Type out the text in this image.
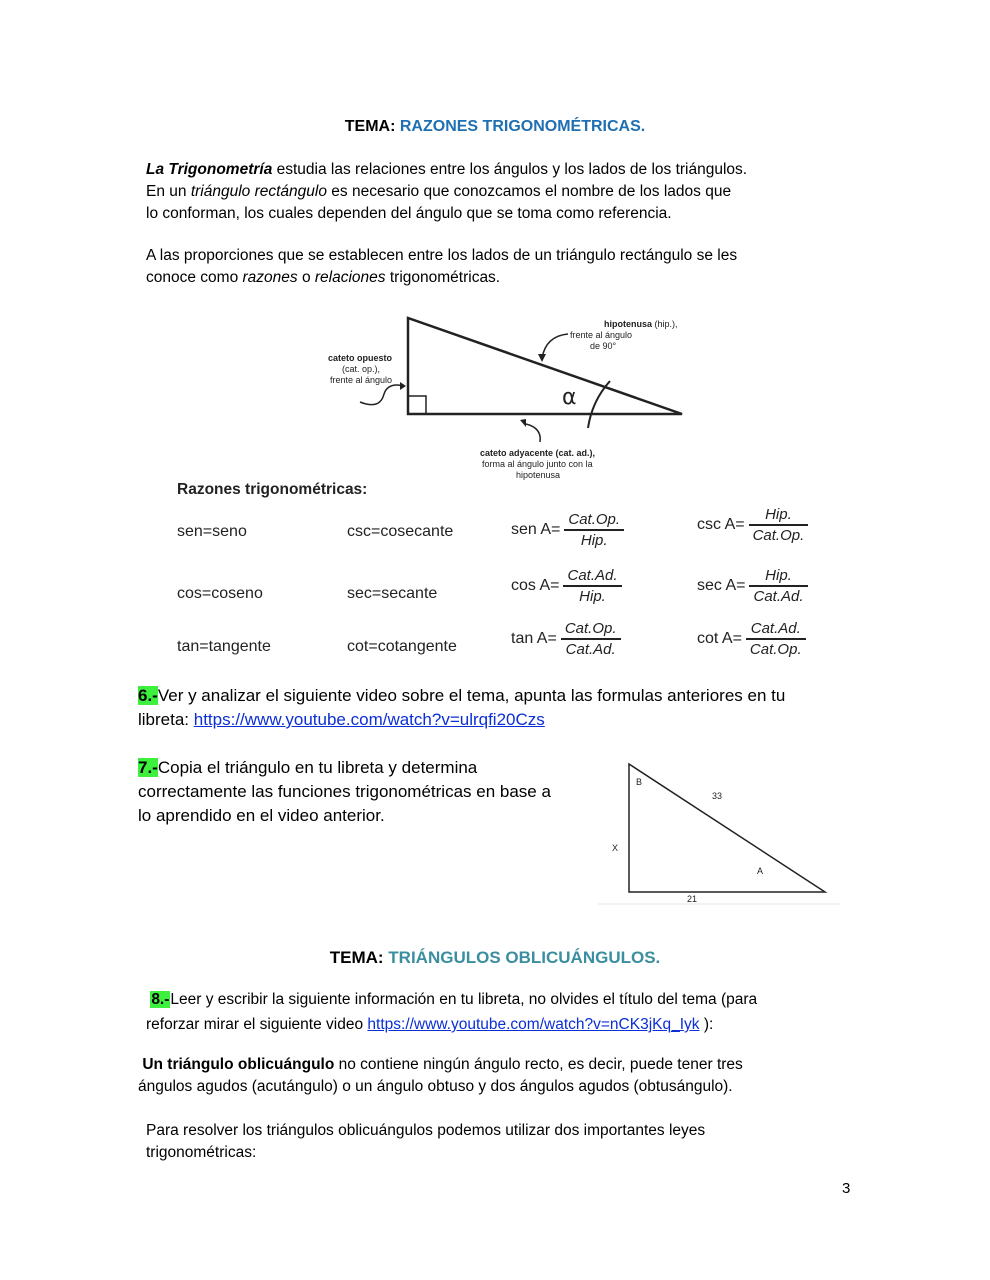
TEMA: RAZONES TRIGONOMÉTRICAS.

La Trigonometría estudia las relaciones entre los ángulos y los lados de los triángulos.

En un triángulo rectángulo es necesario que conozcamos el nombre de los lados que

lo conforman, los cuales dependen del ángulo que se toma como referencia.

A las proporciones que se establecen entre los lados de un triángulo rectángulo se les

conoce como razones o relaciones trigonométricas.

α
hipotenusa (hip.),
frente al ángulo
de 90°
cateto opuesto
(cat. op.),
frente al ángulo
cateto adyacente (cat. ad.),
forma al ángulo junto con la
hipotenusa
Razones trigonométricas:
sen=seno	csc=cosecante	sen $A= \frac{\text{Cat.Op.}}{\text{Hip.}}$	$\csc A= \frac{\text{Hip.}}{\text{Cat.Op.}}$
cos=coseno	sec=secante	$\cos A= \frac{\text{Cat.Ad.}}{\text{Hip.}}$	$\sec A= \frac{\text{Hip.}}{\text{Cat.Ad.}}$
tan=tangente	cot=cotangente	$\tan A= \frac{\text{Cat.Op.}}{\text{Cat.Ad.}}$	$\cot A= \frac{\text{Cat.Ad.}}{\text{Cat.Op.}}$
6.-Ver y analizar el siguiente video sobre el tema, apunta las formulas anteriores en tu
libreta: https://www.youtube.com/watch?v=ulrqfi20Czs
7.-Copia el triángulo en tu libreta y determina
correctamente las funciones trigonométricas en base a
lo aprendido en el video anterior.
B
33
X
A
21
TEMA: TRIÁNGULOS OBLICUÁNGULOS.

8.-Leer y escribir la siguiente información en tu libreta, no olvides el título del tema (para

reforzar mirar el siguiente video https://www.youtube.com/watch?v=nCK3jKq_Iyk ):

Un triángulo oblicuángulo no contiene ningún ángulo recto, es decir, puede tener tres

ángulos agudos (acutángulo) o un ángulo obtuso y dos ángulos agudos (obtusángulo).

Para resolver los triángulos oblicuángulos podemos utilizar dos importantes leyes

trigonométricas:

3
